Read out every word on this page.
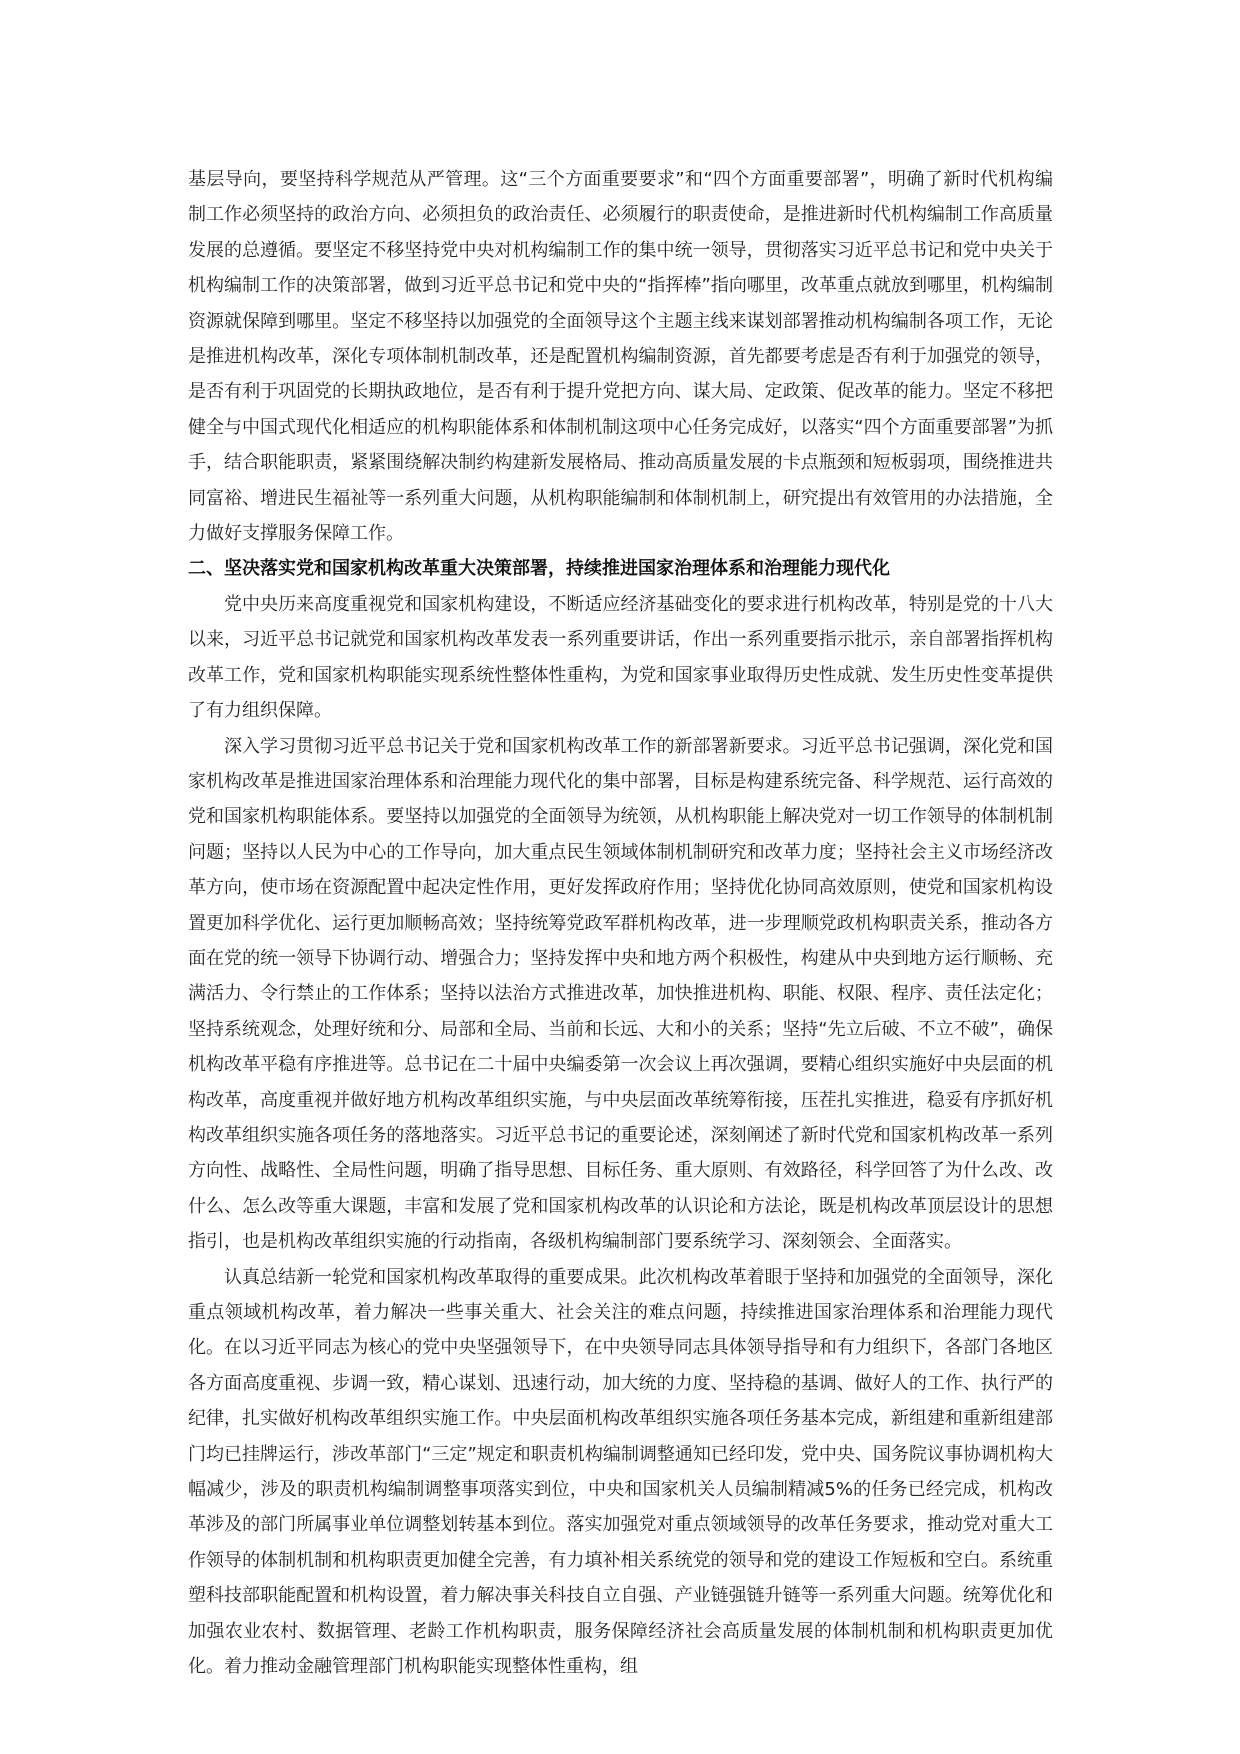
基层导向，要坚持科学规范从严管理。这“三个方面重要要求”和“四个方面重要部署”，明确了新时代机构编制工作必须坚持的政治方向、必须担负的政治责任、必须履行的职责使命，是推进新时代机构编制工作高质量发展的总遵循。要坚定不移坚持党中央对机构编制工作的集中统一领导，贯彻落实习近平总书记和党中央关于机构编制工作的决策部署，做到习近平总书记和党中央的“指挥棒”指向哪里，改革重点就放到哪里，机构编制资源就保障到哪里。坚定不移坚持以加强党的全面领导这个主题主线来谋划部署推动机构编制各项工作，无论是推进机构改革，深化专项体制机制改革，还是配置机构编制资源，首先都要考虑是否有利于加强党的领导，是否有利于巩固党的长期执政地位，是否有利于提升党把方向、谋大局、定政策、促改革的能力。坚定不移把健全与中国式现代化相适应的机构职能体系和体制机制这项中心任务完成好，以落实“四个方面重要部署”为抓手，结合职能职责，紧紧围绕解决制约构建新发展格局、推动高质量发展的卡点瓶颈和短板弱项，围绕推进共同富裕、增进民生福祉等一系列重大问题，从机构职能编制和体制机制上，研究提出有效管用的办法措施，全力做好支撑服务保障工作。

二、坚决落实党和国家机构改革重大决策部署，持续推进国家治理体系和治理能力现代化

党中央历来高度重视党和国家机构建设，不断适应经济基础变化的要求进行机构改革，特别是党的十八大以来，习近平总书记就党和国家机构改革发表一系列重要讲话，作出一系列重要指示批示，亲自部署指挥机构改革工作，党和国家机构职能实现系统性整体性重构，为党和国家事业取得历史性成就、发生历史性变革提供了有力组织保障。

深入学习贯彻习近平总书记关于党和国家机构改革工作的新部署新要求。习近平总书记强调，深化党和国家机构改革是推进国家治理体系和治理能力现代化的集中部署，目标是构建系统完备、科学规范、运行高效的党和国家机构职能体系。要坚持以加强党的全面领导为统领，从机构职能上解决党对一切工作领导的体制机制问题；坚持以人民为中心的工作导向，加大重点民生领域体制机制研究和改革力度；坚持社会主义市场经济改革方向，使市场在资源配置中起决定性作用，更好发挥政府作用；坚持优化协同高效原则，使党和国家机构设置更加科学优化、运行更加顺畅高效；坚持统筹党政军群机构改革，进一步理顺党政机构职责关系，推动各方面在党的统一领导下协调行动、增强合力；坚持发挥中央和地方两个积极性，构建从中央到地方运行顺畅、充满活力、令行禁止的工作体系；坚持以法治方式推进改革，加快推进机构、职能、权限、程序、责任法定化；坚持系统观念，处理好统和分、局部和全局、当前和长远、大和小的关系；坚持“先立后破、不立不破”，确保机构改革平稳有序推进等。总书记在二十届中央编委第一次会议上再次强调，要精心组织实施好中央层面的机构改革，高度重视并做好地方机构改革组织实施，与中央层面改革统筹衔接，压茬扎实推进，稳妥有序抓好机构改革组织实施各项任务的落地落实。习近平总书记的重要论述，深刻阐述了新时代党和国家机构改革一系列方向性、战略性、全局性问题，明确了指导思想、目标任务、重大原则、有效路径，科学回答了为什么改、改什么、怎么改等重大课题，丰富和发展了党和国家机构改革的认识论和方法论，既是机构改革顶层设计的思想指引，也是机构改革组织实施的行动指南，各级机构编制部门要系统学习、深刻领会、全面落实。

认真总结新一轮党和国家机构改革取得的重要成果。此次机构改革着眼于坚持和加强党的全面领导，深化重点领域机构改革，着力解决一些事关重大、社会关注的难点问题，持续推进国家治理体系和治理能力现代化。在以习近平同志为核心的党中央坚强领导下，在中央领导同志具体领导指导和有力组织下，各部门各地区各方面高度重视、步调一致，精心谋划、迅速行动，加大统的力度、坚持稳的基调、做好人的工作、执行严的纪律，扎实做好机构改革组织实施工作。中央层面机构改革组织实施各项任务基本完成，新组建和重新组建部门均已挂牌运行，涉改革部门“三定”规定和职责机构编制调整通知已经印发，党中央、国务院议事协调机构大幅减少，涉及的职责机构编制调整事项落实到位，中央和国家机关人员编制精减5%的任务已经完成，机构改革涉及的部门所属事业单位调整划转基本到位。落实加强党对重点领域领导的改革任务要求，推动党对重大工作领导的体制机制和机构职责更加健全完善，有力填补相关系统党的领导和党的建设工作短板和空白。系统重塑科技部职能配置和机构设置，着力解决事关科技自立自强、产业链强链升链等一系列重大问题。统筹优化和加强农业农村、数据管理、老龄工作机构职责，服务保障经济社会高质量发展的体制机制和机构职责更加优化。着力推动金融管理部门机构职能实现整体性重构，组
